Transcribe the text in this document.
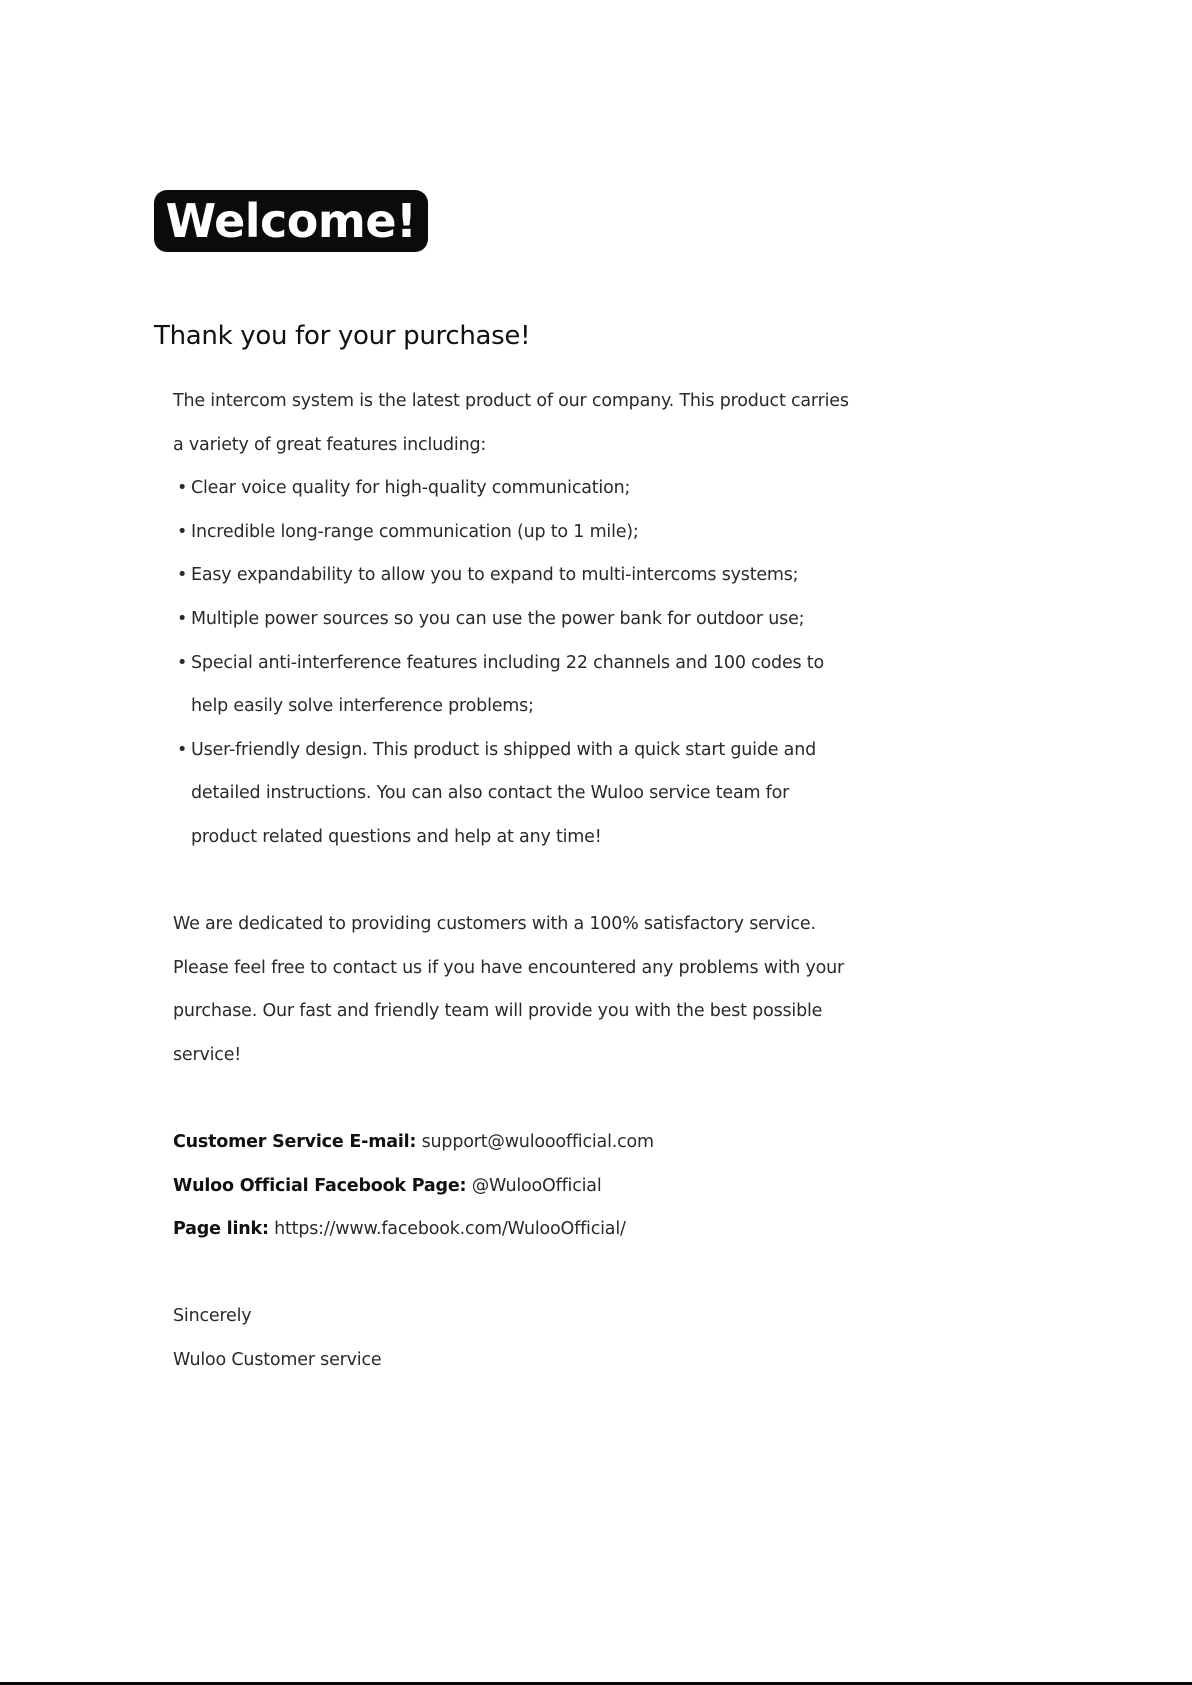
Welcome!
Thank you for your purchase!
The intercom system is the latest product of our company. This product carries
a variety of great features including:
• Clear voice quality for high-quality communication;
• Incredible long-range communication (up to 1 mile);
• Easy expandability to allow you to expand to multi-intercoms systems;
• Multiple power sources so you can use the power bank for outdoor use;
• Special anti-interference features including 22 channels and 100 codes to
help easily solve interference problems;
• User-friendly design. This product is shipped with a quick start guide and
detailed instructions. You can also contact the Wuloo service team for
product related questions and help at any time!
We are dedicated to providing customers with a 100% satisfactory service.
Please feel free to contact us if you have encountered any problems with your
purchase. Our fast and friendly team will provide you with the best possible
service!
Customer Service E-mail: support@wulooofficial.com
Wuloo Official Facebook Page: @WulooOfficial
Page link: https://www.facebook.com/WulooOfficial/
Sincerely
Wuloo Customer service
